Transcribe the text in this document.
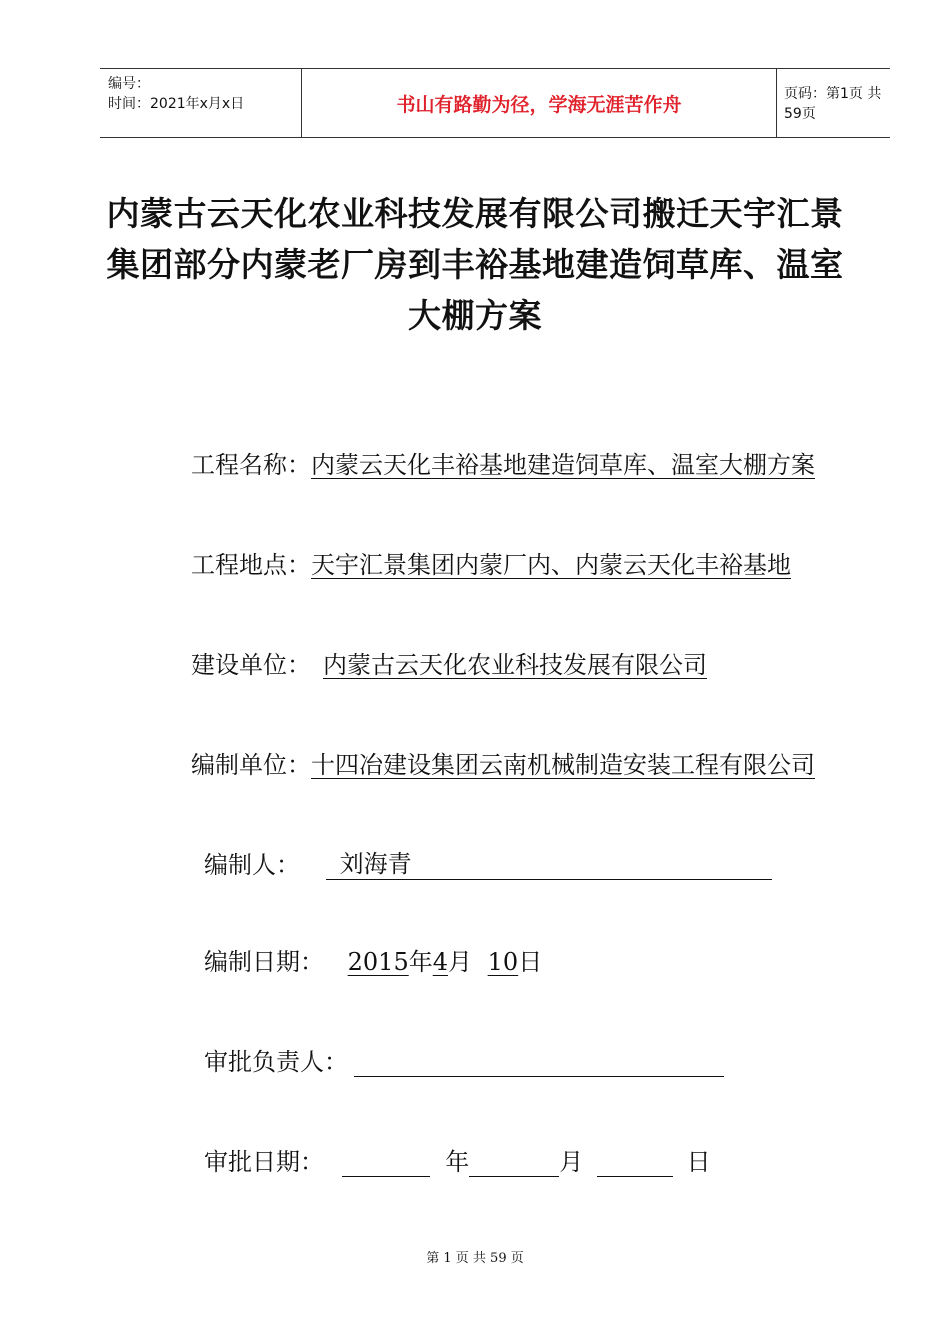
编号：
时间：2021年x月x日	书山有路勤为径，学海无涯苦作舟	页码：第1页 共59页
内蒙古云天化农业科技发展有限公司搬迁天宇汇景集团部分内蒙老厂房到丰裕基地建造饲草库、温室大棚方案
工程名称：内蒙云天化丰裕基地建造饲草库、温室大棚方案
工程地点：天宇汇景集团内蒙厂内、内蒙云天化丰裕基地
建设单位： 内蒙古云天化农业科技发展有限公司
编制单位：十四冶建设集团云南机械制造安装工程有限公司
编制人： 刘海青
编制日期： 2015年4月 10日
审批负责人：
审批日期：	年	月	日
第 1 页 共 59 页
